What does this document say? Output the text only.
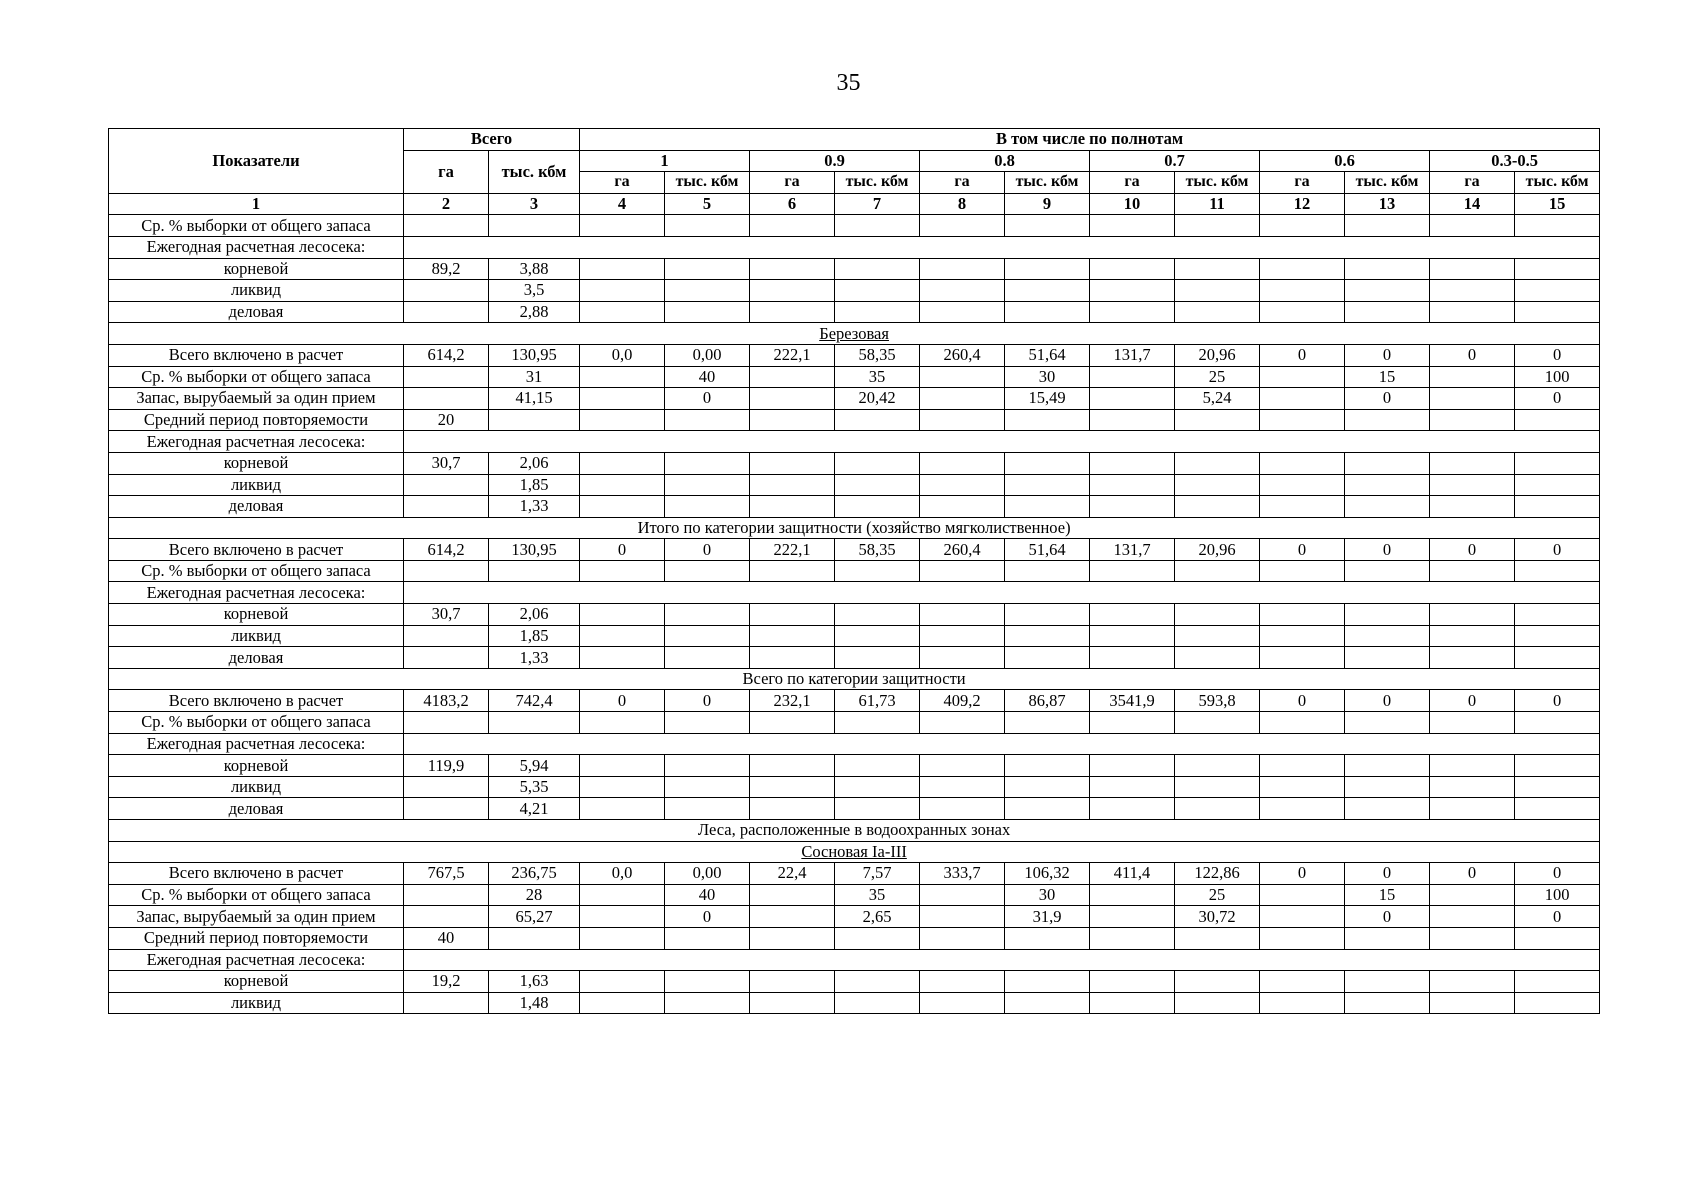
35
Показатели	Всего		В том числе по полнотам											
	га	тыс. кбм	1		0.9		0.8		0.7		0.6		0.3-0.5	
			га	тыс. кбм	га	тыс. кбм	га	тыс. кбм	га	тыс. кбм	га	тыс. кбм	га	тыс. кбм
1	2	3	4	5	6	7	8	9	10	11	12	13	14	15
Ср. % выборки от общего запаса														
Ежегодная расчетная лесосека:														
корневой	89,2	3,88												
ликвид		3,5												
деловая		2,88												
Березовая														
Всего включено в расчет	614,2	130,95	0,0	0,00	222,1	58,35	260,4	51,64	131,7	20,96	0	0	0	0
Ср. % выборки от общего запаса		31		40		35		30		25		15		100
Запас, вырубаемый за один прием		41,15		0		20,42		15,49		5,24		0		0
Средний период повторяемости	20													
Ежегодная расчетная лесосека:														
корневой	30,7	2,06												
ликвид		1,85												
деловая		1,33												
Итого по категории защитности (хозяйство мягколиственное)														
Всего включено в расчет	614,2	130,95	0	0	222,1	58,35	260,4	51,64	131,7	20,96	0	0	0	0
Ср. % выборки от общего запаса														
Ежегодная расчетная лесосека:														
корневой	30,7	2,06												
ликвид		1,85												
деловая		1,33												
Всего по категории защитности														
Всего включено в расчет	4183,2	742,4	0	0	232,1	61,73	409,2	86,87	3541,9	593,8	0	0	0	0
Ср. % выборки от общего запаса														
Ежегодная расчетная лесосека:														
корневой	119,9	5,94												
ликвид		5,35												
деловая		4,21												
Леса, расположенные в водоохранных зонах														
Сосновая Iа-III														
Всего включено в расчет	767,5	236,75	0,0	0,00	22,4	7,57	333,7	106,32	411,4	122,86	0	0	0	0
Ср. % выборки от общего запаса		28		40		35		30		25		15		100
Запас, вырубаемый за один прием		65,27		0		2,65		31,9		30,72		0		0
Средний период повторяемости	40													
Ежегодная расчетная лесосека:														
корневой	19,2	1,63												
ликвид		1,48												
